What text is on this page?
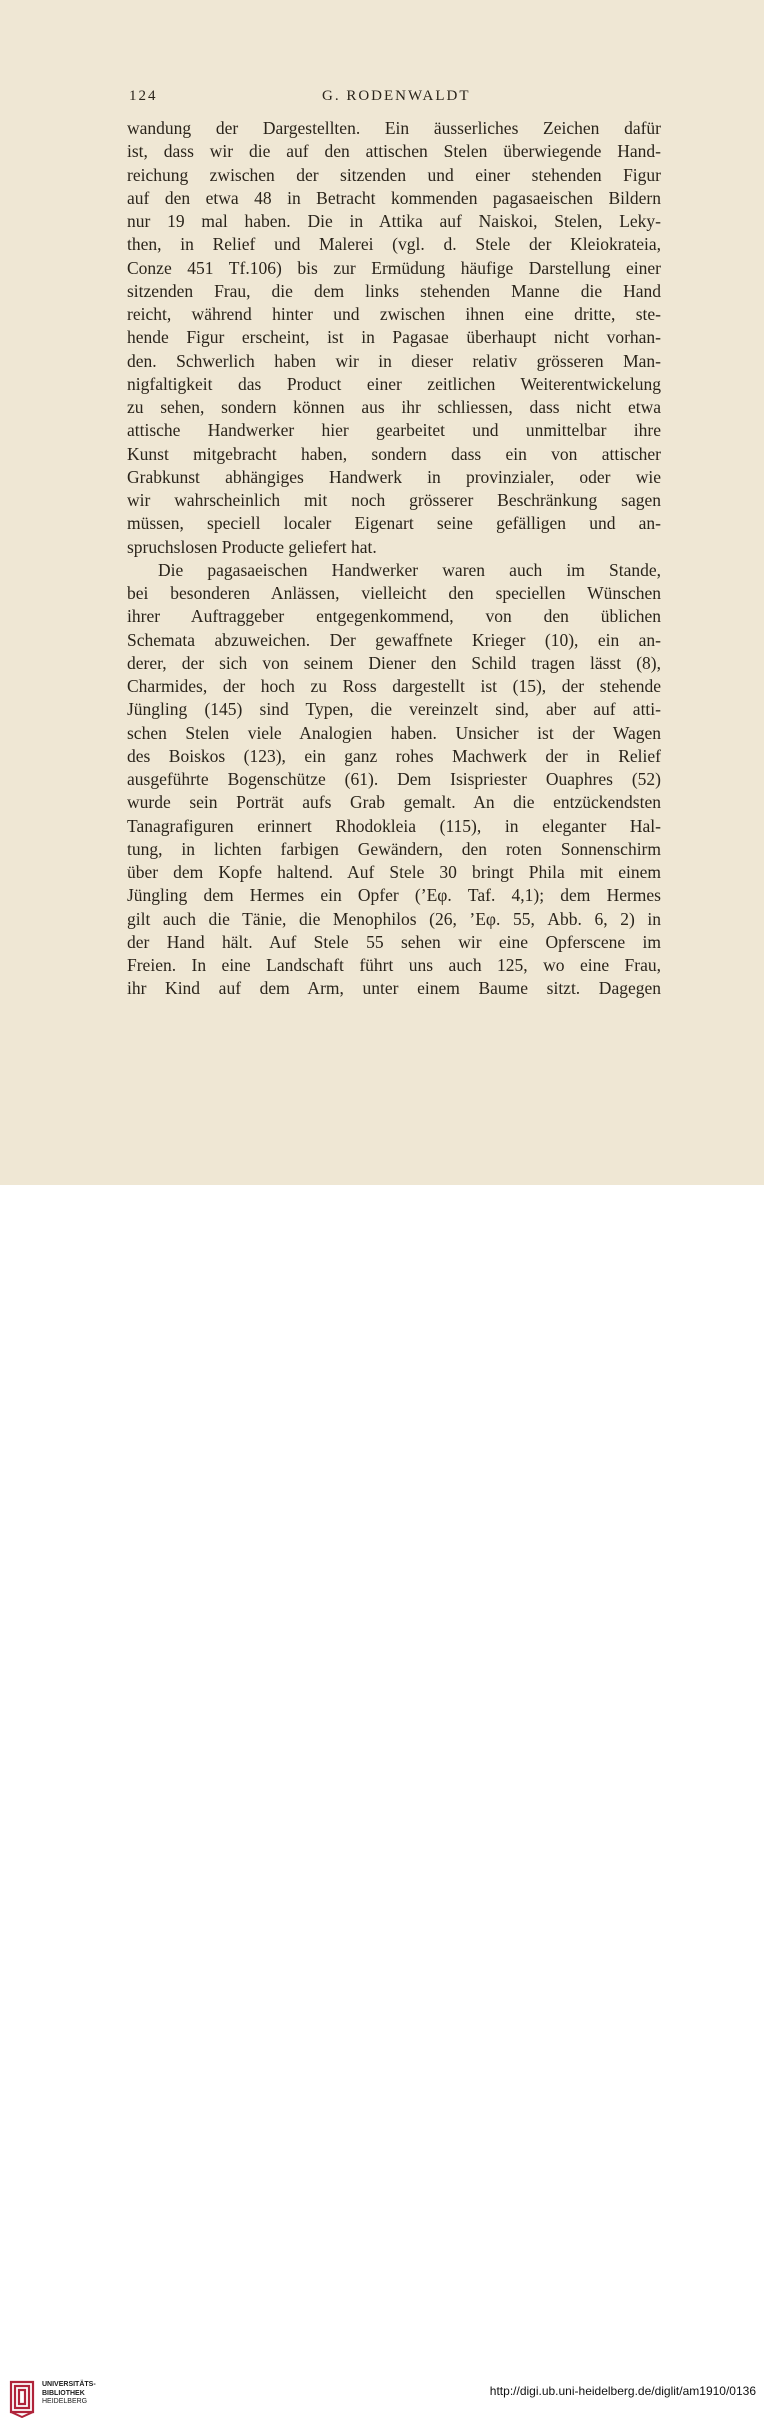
124	G. RODENWALDT
wandung der Dargestellten. Ein äusserliches Zeichen dafür
ist, dass wir die auf den attischen Stelen überwiegende Hand-
reichung zwischen der sitzenden und einer stehenden Figur
auf den etwa 48 in Betracht kommenden pagasaeischen Bildern
nur 19 mal haben. Die in Attika auf Naiskoi, Stelen, Leky-
then, in Relief und Malerei (vgl. d. Stele der Kleiokrateia,
Conze 451 Tf.106) bis zur Ermüdung häufige Darstellung einer
sitzenden Frau, die dem links stehenden Manne die Hand
reicht, während hinter und zwischen ihnen eine dritte, ste-
hende Figur erscheint, ist in Pagasae überhaupt nicht vorhan-
den. Schwerlich haben wir in dieser relativ grösseren Man-
nigfaltigkeit das Product einer zeitlichen Weiterentwickelung
zu sehen, sondern können aus ihr schliessen, dass nicht etwa
attische Handwerker hier gearbeitet und unmittelbar ihre
Kunst mitgebracht haben, sondern dass ein von attischer
Grabkunst abhängiges Handwerk in provinzialer, oder wie
wir wahrscheinlich mit noch grösserer Beschränkung sagen
müssen, speciell localer Eigenart seine gefälligen und an-
spruchslosen Producte geliefert hat.
Die pagasaeischen Handwerker waren auch im Stande,
bei besonderen Anlässen, vielleicht den speciellen Wünschen
ihrer Auftraggeber entgegenkommend, von den üblichen
Schemata abzuweichen. Der gewaffnete Krieger (10), ein an-
derer, der sich von seinem Diener den Schild tragen lässt (8),
Charmides, der hoch zu Ross dargestellt ist (15), der stehende
Jüngling (145) sind Typen, die vereinzelt sind, aber auf atti-
schen Stelen viele Analogien haben. Unsicher ist der Wagen
des Boiskos (123), ein ganz rohes Machwerk der in Relief
ausgeführte Bogenschütze (61). Dem Isispriester Ouaphres (52)
wurde sein Porträt aufs Grab gemalt. An die entzückendsten
Tanagrafiguren erinnert Rhodokleia (115), in eleganter Hal-
tung, in lichten farbigen Gewändern, den roten Sonnenschirm
über dem Kopfe haltend. Auf Stele 30 bringt Phila mit einem
Jüngling dem Hermes ein Opfer (’Eφ. Taf. 4,1); dem Hermes
gilt auch die Tänie, die Menophilos (26, ’Eφ. 55, Abb. 6, 2) in
der Hand hält. Auf Stele 55 sehen wir eine Opferscene im
Freien. In eine Landschaft führt uns auch 125, wo eine Frau,
ihr Kind auf dem Arm, unter einem Baume sitzt. Dagegen
UNIVERSITÄTS-
BIBLIOTHEK
HEIDELBERG
http://digi.ub.uni-heidelberg.de/diglit/am1910/0136
